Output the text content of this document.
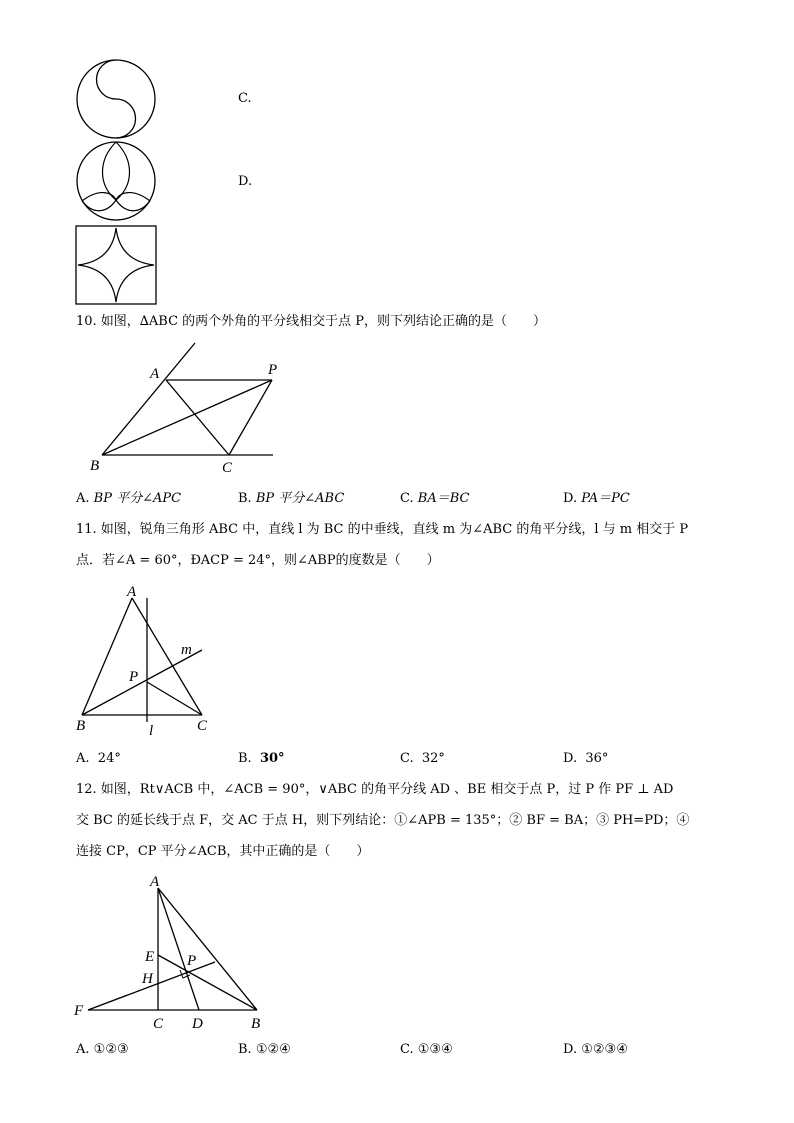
C.
D.
10. 如图，∆ABC 的两个外角的平分线相交于点 P，则下列结论正确的是（　　）
A	P
B	C
A. BP 平分∠APC	B. BP 平分∠ABC	C. BA＝BC	D. PA＝PC
11. 如图，锐角三角形 ABC 中，直线 l 为 BC 的中垂线，直线 m 为∠ABC 的角平分线，l 与 m 相交于 P
点．若∠A = 60°，ÐACP = 24°，则∠ABP的度数是（　　）
A
m
P
B	l	C
A. 24°	B. 30°	C. 32°	D. 36°
12. 如图，Rt∨ACB 中，∠ACB = 90°，∨ABC 的角平分线 AD 、BE 相交于点 P，过 P 作 PF ⊥ AD
交 BC 的延长线于点 F，交 AC 于点 H，则下列结论：①∠APB = 135°；② BF = BA；③ PH=PD；④
连接 CP，CP 平分∠ACB，其中正确的是（　　）
A
E P
H
F
C D	B
A. ①②③	B. ①②④	C. ①③④	D. ①②③④
